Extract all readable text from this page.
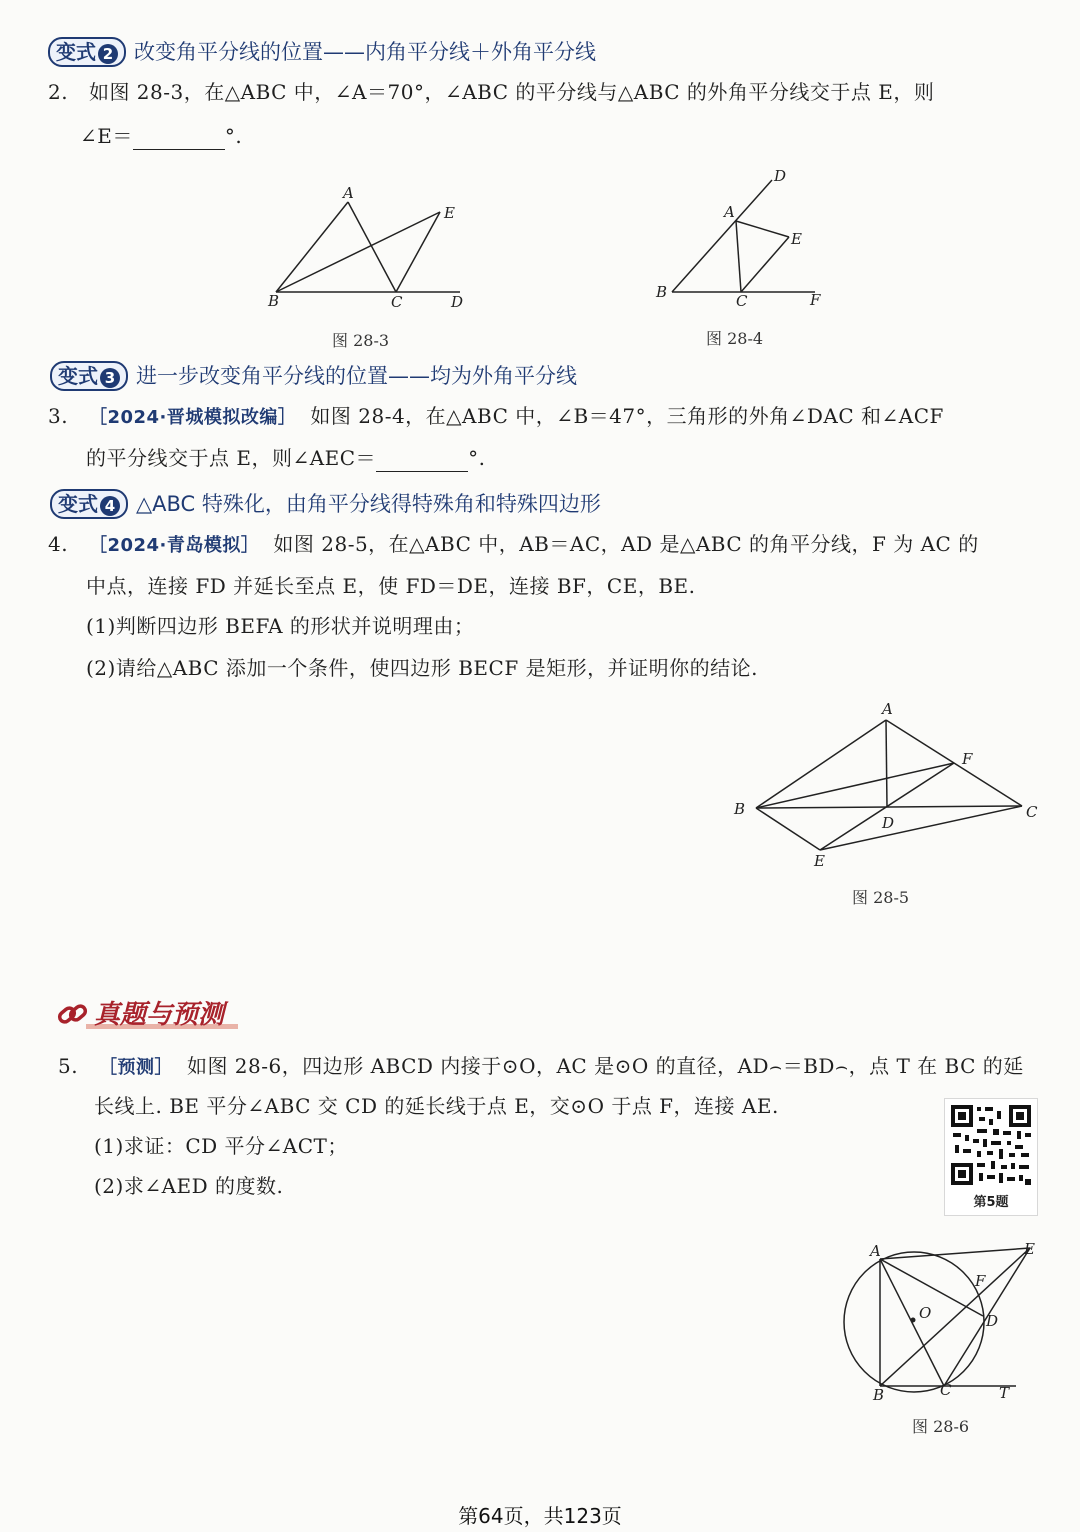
变式 2 改变角平分线的位置——内角平分线＋外角平分线
2. 如图 28-3，在△ABC 中，∠A＝70°，∠ABC 的平分线与△ABC 的外角平分线交于点 E，则
∠E＝	°.
A
E
B	C	D
图 28-3
D
A
E
B	C	F
图 28-4
变式 3 进一步改变角平分线的位置——均为外角平分线
3. ［2024·晋城模拟改编］ 如图 28-4，在△ABC 中，∠B＝47°，三角形的外角∠DAC 和∠ACF
的平分线交于点 E，则∠AEC＝	°.
变式 4 △ABC 特殊化，由角平分线得特殊角和特殊四边形
4. ［2024·青岛模拟］ 如图 28-5，在△ABC 中，AB＝AC，AD 是△ABC 的角平分线，F 为 AC 的
中点，连接 FD 并延长至点 E，使 FD＝DE，连接 BF，CE，BE.
(1)判断四边形 BEFA 的形状并说明理由；
(2)请给△ABC 添加一个条件，使四边形 BECF 是矩形，并证明你的结论.
A
F
B
D
C
E
图 28-5
真题与预测
5. ［预测］ 如图 28-6，四边形 ABCD 内接于⊙O，AC 是⊙O 的直径，AD⌢＝BD⌢，点 T 在 BC 的延
长线上. BE 平分∠ABC 交 CD 的延长线于点 E，交⊙O 于点 F，连接 AE.
(1)求证：CD 平分∠ACT；
(2)求∠AED 的度数.
第5题
A	E
F
O	D
B	C	T
图 28-6
第64页，共123页
